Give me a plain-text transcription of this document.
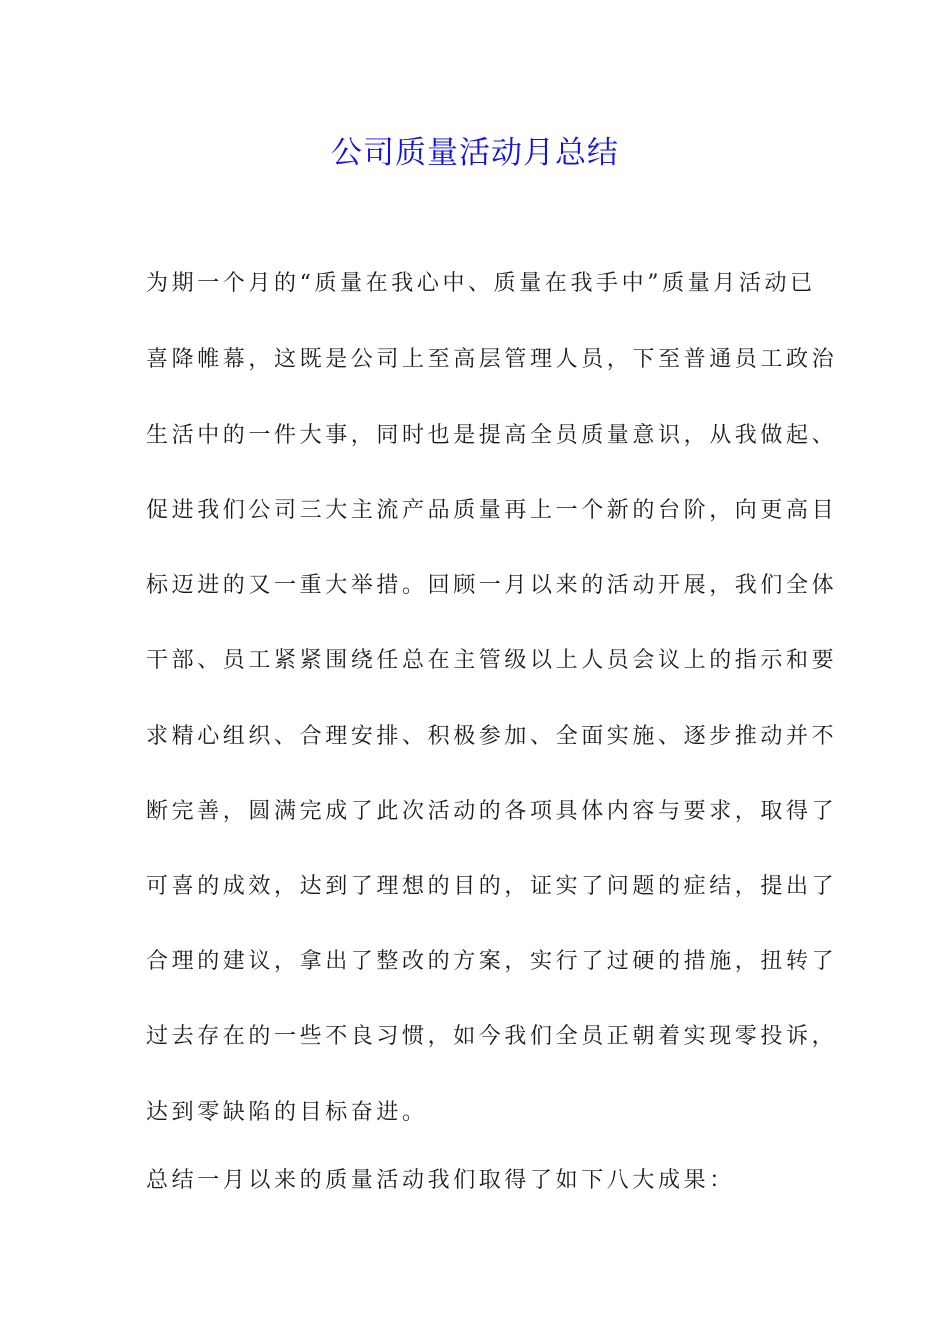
公司质量活动月总结
为期一个月的“质量在我心中、质量在我手中”质量月活动已
喜降帷幕，这既是公司上至高层管理人员，下至普通员工政治
生活中的一件大事，同时也是提高全员质量意识，从我做起、
促进我们公司三大主流产品质量再上一个新的台阶，向更高目
标迈进的又一重大举措。回顾一月以来的活动开展，我们全体
干部、员工紧紧围绕任总在主管级以上人员会议上的指示和要
求精心组织、合理安排、积极参加、全面实施、逐步推动并不
断完善，圆满完成了此次活动的各项具体内容与要求，取得了
可喜的成效，达到了理想的目的，证实了问题的症结，提出了
合理的建议，拿出了整改的方案，实行了过硬的措施，扭转了
过去存在的一些不良习惯，如今我们全员正朝着实现零投诉，
达到零缺陷的目标奋进。
总结一月以来的质量活动我们取得了如下八大成果：
